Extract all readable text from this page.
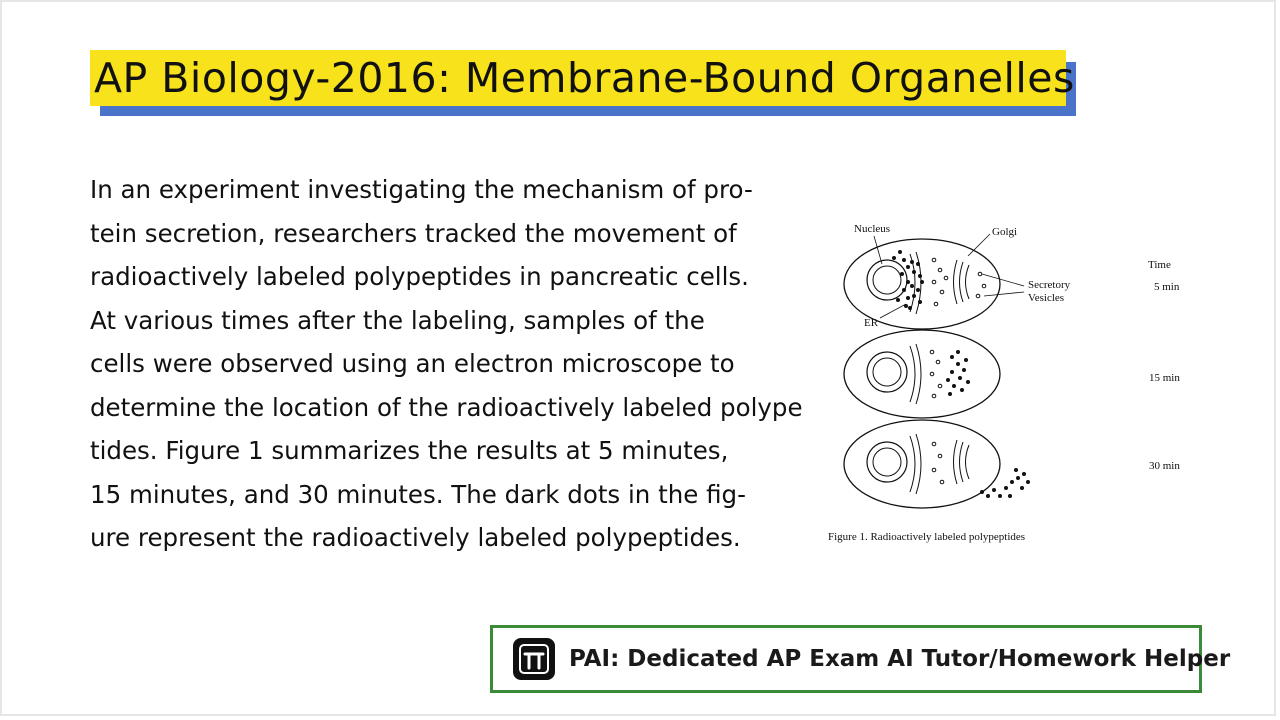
AP Biology-2016: Membrane-Bound Organelles
In an experiment investigating the mechanism of pro-
tein secretion, researchers tracked the movement of
radioactively labeled polypeptides in pancreatic cells.
At various times after the labeling, samples of the
cells were observed using an electron microscope to
determine the location of the radioactively labeled polype
tides. Figure 1 summarizes the results at 5 minutes,
15 minutes, and 30 minutes. The dark dots in the fig-
ure represent the radioactively labeled polypeptides.
Nucleus	Golgi
Secretory
Vesicles
ER
Time
5 min
15 min
30 min
Figure 1. Radioactively labeled polypeptides
PAI: Dedicated AP Exam AI Tutor/Homework Helper
